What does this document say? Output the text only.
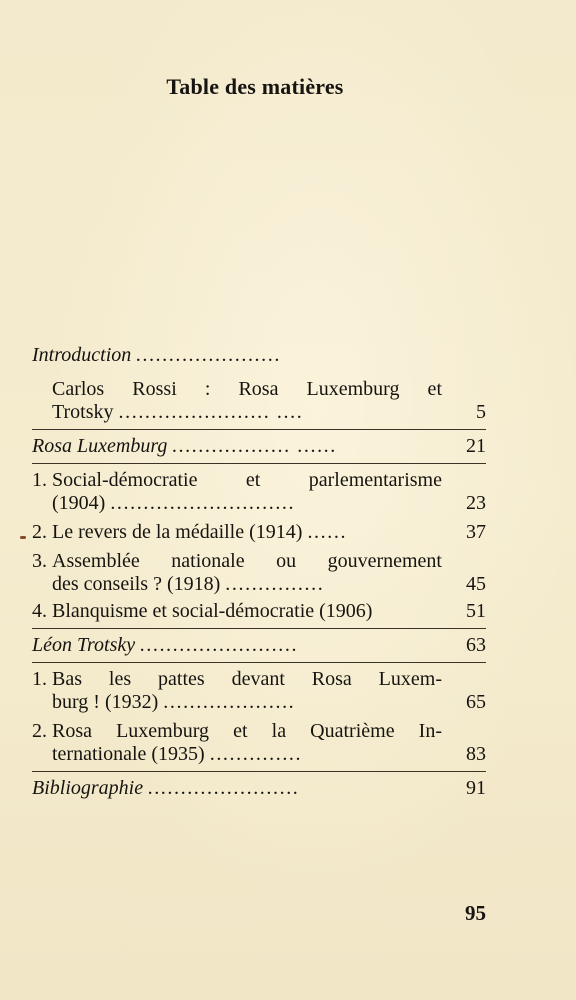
Table des matières
Introduction ......................
Carlos Rossi : Rosa Luxemburg et
Trotsky ....................... ....	5
Rosa Luxemburg .................. ......	21
1. Social-démocratie et parlementarisme
(1904) ............................	23
2. Le revers de la médaille (1914) ......	37
3. Assemblée nationale ou gouvernement
des conseils ? (1918) ...............	45
4. Blanquisme et social-démocratie (1906)	51
Léon Trotsky ........................	63
1. Bas les pattes devant Rosa Luxem-
burg ! (1932) ....................	65
2. Rosa Luxemburg et la Quatrième In-
ternationale (1935) ..............	83
Bibliographie .......................	91
95
